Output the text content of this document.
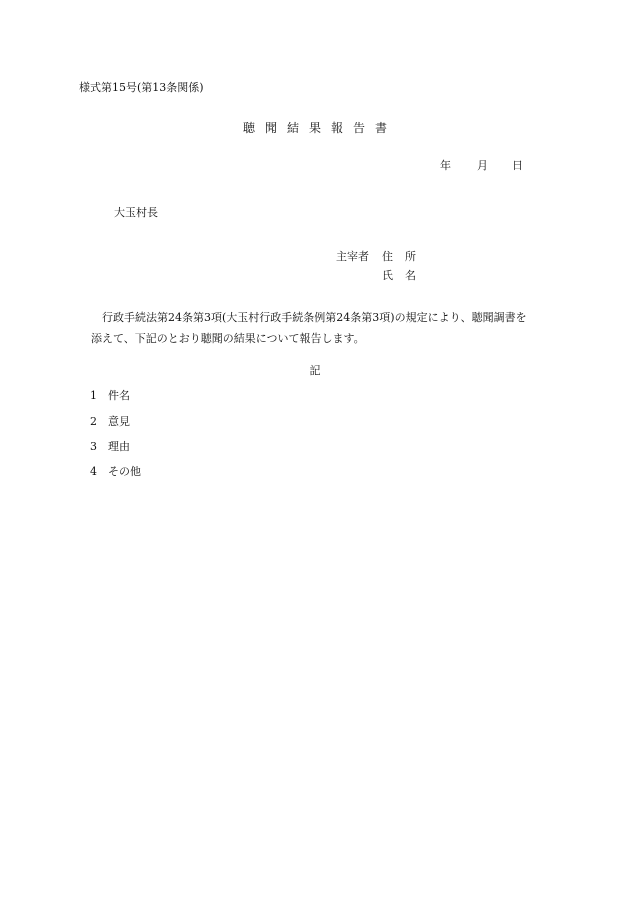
様式第15号(第13条関係)
聴 聞 結 果 報 告 書
年 月 日
大玉村長
主宰者 住所
氏名
行政手続法第24条第3項(大玉村行政手続条例第24条第3項)の規定により、聴聞調書を
添えて、下記のとおり聴聞の結果について報告します。
記
1 件名
2 意見
3 理由
4 その他
